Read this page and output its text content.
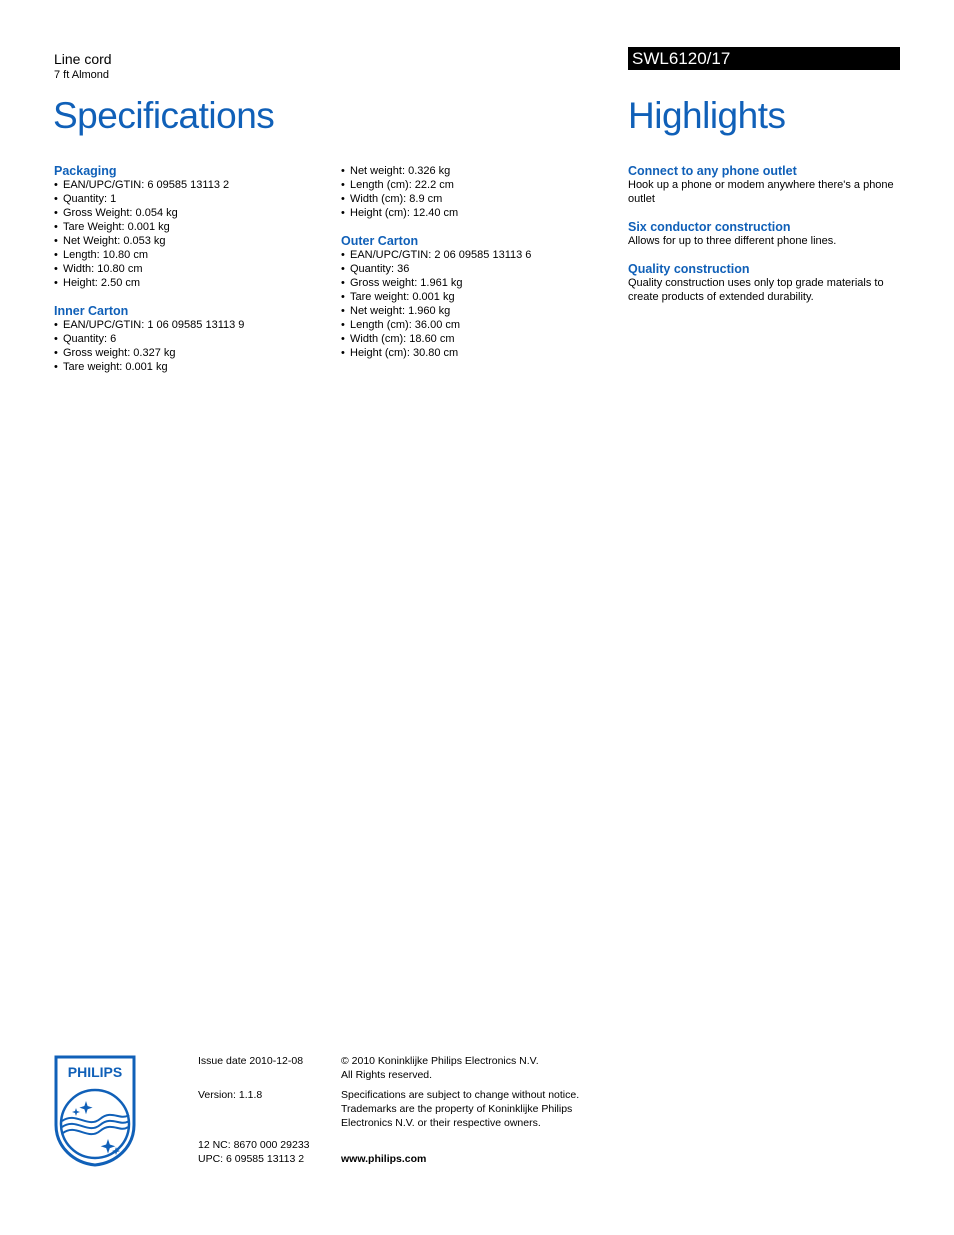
Line cord
7 ft Almond
SWL6120/17
Specifications	Highlights
Packaging
• EAN/UPC/GTIN: 6 09585 13113 2
• Quantity: 1
• Gross Weight: 0.054 kg
• Tare Weight: 0.001 kg
• Net Weight: 0.053 kg
• Length: 10.80 cm
• Width: 10.80 cm
• Height: 2.50 cm
Inner Carton
• EAN/UPC/GTIN: 1 06 09585 13113 9
• Quantity: 6
• Gross weight: 0.327 kg
• Tare weight: 0.001 kg
• Net weight: 0.326 kg
• Length (cm): 22.2 cm
• Width (cm): 8.9 cm
• Height (cm): 12.40 cm
Outer Carton
• EAN/UPC/GTIN: 2 06 09585 13113 6
• Quantity: 36
• Gross weight: 1.961 kg
• Tare weight: 0.001 kg
• Net weight: 1.960 kg
• Length (cm): 36.00 cm
• Width (cm): 18.60 cm
• Height (cm): 30.80 cm
Connect to any phone outlet

Hook up a phone or modem anywhere there's a phone outlet

Six conductor construction

Allows for up to three different phone lines.

Quality construction

Quality construction uses only top grade materials to create products of extended durability.

PHILIPS
Issue date 2010-12-08
Version: 1.1.8
12 NC: 8670 000 29233
UPC: 6 09585 13113 2
© 2010 Koninklijke Philips Electronics N.V.
All Rights reserved.
Specifications are subject to change without notice.
Trademarks are the property of Koninklijke Philips
Electronics N.V. or their respective owners.
www.philips.com
